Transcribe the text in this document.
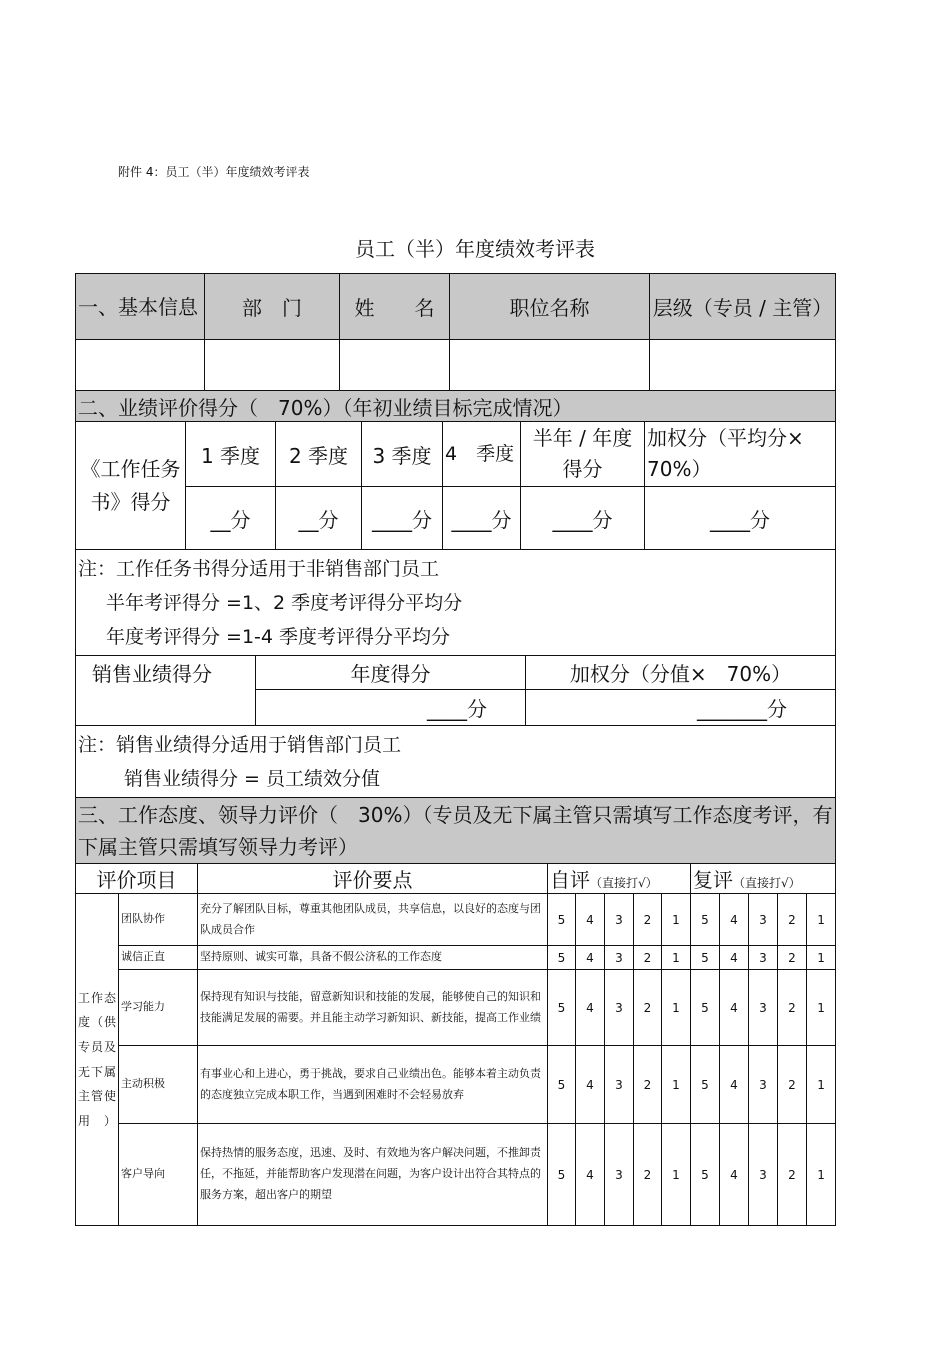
附件 4：员工（半）年度绩效考评表
员工（半）年度绩效考评表
一、基本信息	部　门	姓　　名	职位名称	层级（专员 / 主管）

二、业绩评价得分（　70%）（年初业绩目标完成情况）						
《工作任务书》得分	1 季度	2 季度	3 季度	4　季度	半年 / 年度得分	加权分（平均分×　70%）
	__分	__分	____分	____分	____分	____分

注：工作任务书得分适用于非销售部门员工
半年考评得分 =1、2 季度考评得分平均分
年度考评得分 =1-4 季度考评得分平均分						
销售业绩得分	年度得分	加权分（分值×　70%）
	____分	_______分

注：销售业绩得分适用于销售部门员工
销售业绩得分 = 员工绩效分值		
三、工作态度、领导力评价（　30%）（专员及无下属主管只需填写工作态度考评，有下属主管只需填写领导力考评）												
评价项目		评价要点	自评（直接打√）					复评（直接打√）				
工作态度（供专员及无下属主管使用）	团队协作	充分了解团队目标，尊重其他团队成员，共享信息，以良好的态度与团队成员合作	5	4	3	2	1	5	4	3	2	1
	诚信正直	坚持原则、诚实可靠，具备不假公济私的工作态度	5	4	3	2	1	5	4	3	2	1
	学习能力	保持现有知识与技能，留意新知识和技能的发展，能够使自己的知识和技能满足发展的需要。并且能主动学习新知识、新技能，提高工作业绩	5	4	3	2	1	5	4	3	2	1
	主动积极	有事业心和上进心，勇于挑战，要求自己业绩出色。能够本着主动负责的态度独立完成本职工作，当遇到困难时不会轻易放弃	5	4	3	2	1	5	4	3	2	1
	客户导向	保持热情的服务态度，迅速、及时、有效地为客户解决问题，不推卸责任，不拖延，并能帮助客户发现潜在问题，为客户设计出符合其特点的服务方案，超出客户的期望	5	4	3	2	1	5	4	3	2	1
